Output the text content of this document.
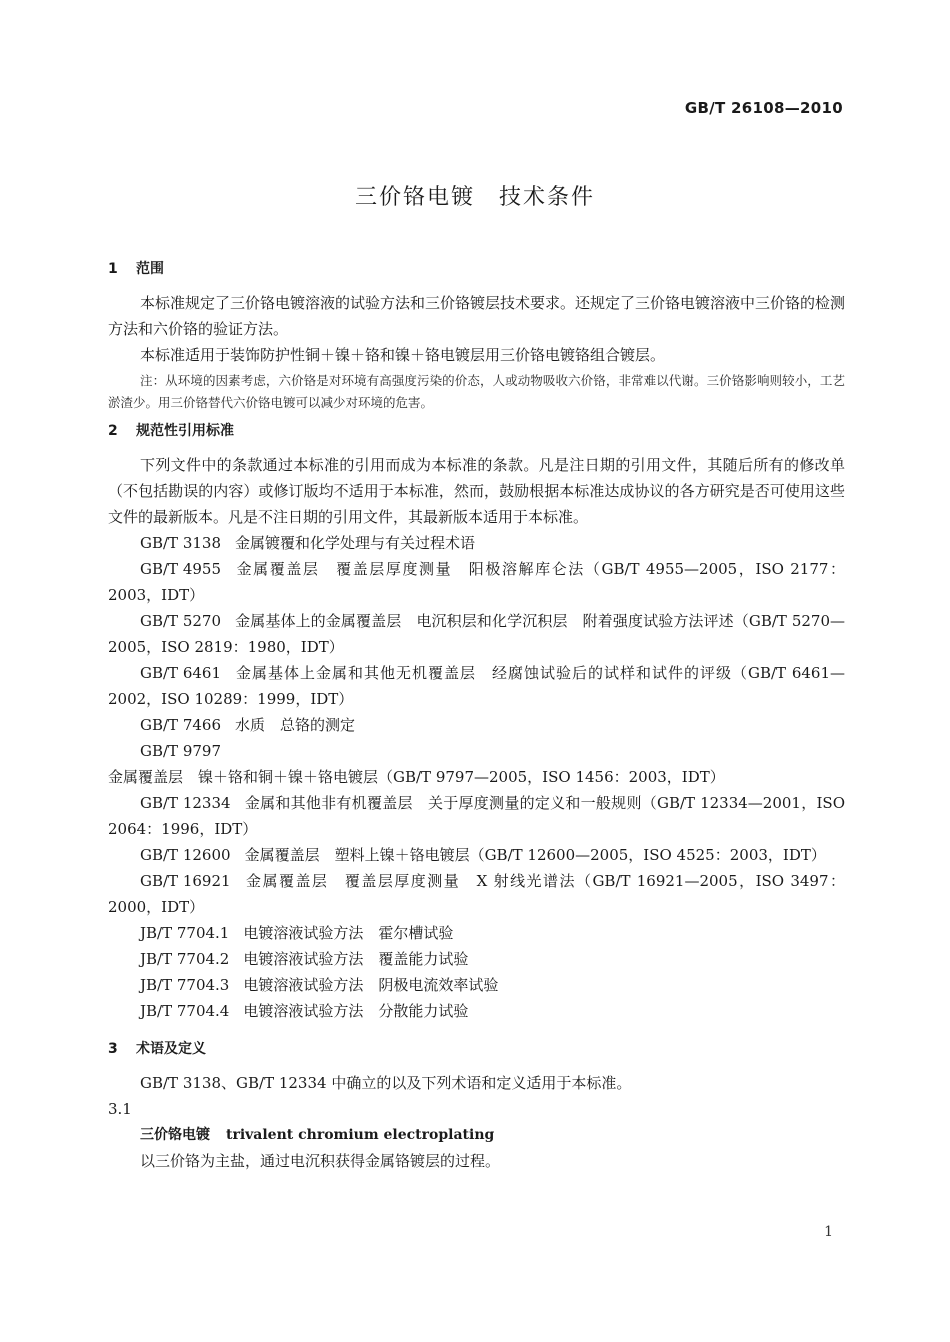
GB/T 26108—2010
三价铬电镀　技术条件
1 范围

本标准规定了三价铬电镀溶液的试验方法和三价铬镀层技术要求。还规定了三价铬电镀溶液中三价铬的检测方法和六价铬的验证方法。

本标准适用于装饰防护性铜＋镍＋铬和镍＋铬电镀层用三价铬电镀铬组合镀层。

注：从环境的因素考虑，六价铬是对环境有高强度污染的价态，人或动物吸收六价铬，非常难以代谢。三价铬影响则较小，工艺淤渣少。用三价铬替代六价铬电镀可以减少对环境的危害。

2 规范性引用标准

下列文件中的条款通过本标准的引用而成为本标准的条款。凡是注日期的引用文件，其随后所有的修改单（不包括勘误的内容）或修订版均不适用于本标准，然而，鼓励根据本标准达成协议的各方研究是否可使用这些文件的最新版本。凡是不注日期的引用文件，其最新版本适用于本标准。

GB/T 3138 金属镀覆和化学处理与有关过程术语
GB/T 4955 金属覆盖层　覆盖层厚度测量　阳极溶解库仑法（GB/T 4955—2005，ISO 2177：2003，IDT）
GB/T 5270 金属基体上的金属覆盖层　电沉积层和化学沉积层　附着强度试验方法评述（GB/T 5270—2005，ISO 2819：1980，IDT）
GB/T 6461 金属基体上金属和其他无机覆盖层　经腐蚀试验后的试样和试件的评级（GB/T 6461—2002，ISO 10289：1999，IDT）
GB/T 7466 水质　总铬的测定
GB/T 9797金属覆盖层　镍＋铬和铜＋镍＋铬电镀层（GB/T 9797—2005，ISO 1456：2003，IDT）
GB/T 12334 金属和其他非有机覆盖层　关于厚度测量的定义和一般规则（GB/T 12334—2001，ISO 2064：1996，IDT）
GB/T 12600 金属覆盖层　塑料上镍＋铬电镀层（GB/T 12600—2005，ISO 4525：2003，IDT）
GB/T 16921 金属覆盖层　覆盖层厚度测量　X 射线光谱法（GB/T 16921—2005，ISO 3497：2000，IDT）
JB/T 7704.1 电镀溶液试验方法　霍尔槽试验
JB/T 7704.2 电镀溶液试验方法　覆盖能力试验
JB/T 7704.3 电镀溶液试验方法　阴极电流效率试验
JB/T 7704.4 电镀溶液试验方法　分散能力试验
3 术语及定义

GB/T 3138、GB/T 12334 中确立的以及下列术语和定义适用于本标准。

3.1

三价铬电镀 trivalent chromium electroplating

以三价铬为主盐，通过电沉积获得金属铬镀层的过程。

1
